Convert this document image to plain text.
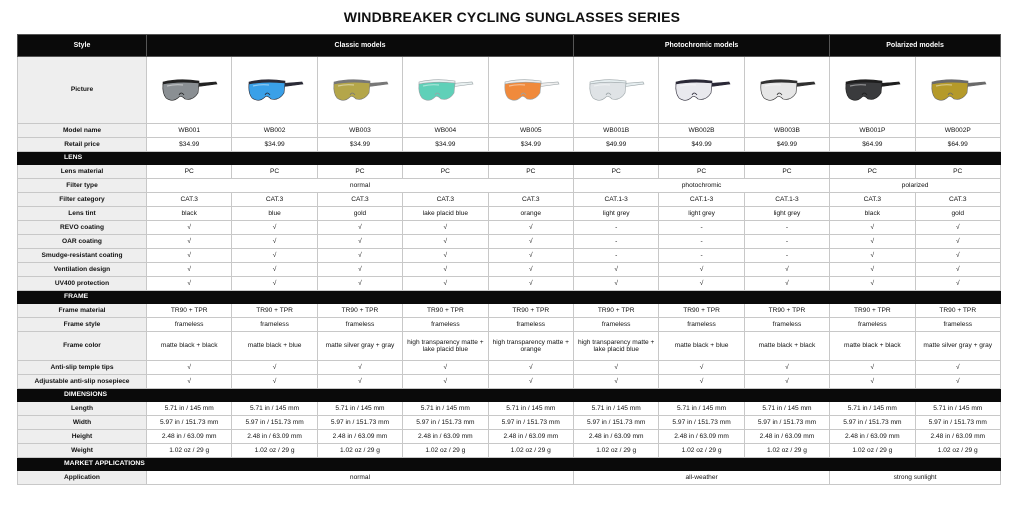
WINDBREAKER CYCLING SUNGLASSES SERIES
Style	Classic models					Photochromic models			Polarized models	
Picture	

Model name	WB001	WB002	WB003	WB004	WB005	WB001B	WB002B	WB003B	WB001P	WB002P
Retail price	$34.99	$34.99	$34.99	$34.99	$34.99	$49.99	$49.99	$49.99	$64.99	$64.99
LENS										
Lens material	PC	PC	PC	PC	PC	PC	PC	PC	PC	PC
Filter type	normal					photochromic			polarized	
Filter category	CAT.3	CAT.3	CAT.3	CAT.3	CAT.3	CAT.1-3	CAT.1-3	CAT.1-3	CAT.3	CAT.3
Lens tint	black	blue	gold	lake placid blue	orange	light grey	light grey	light grey	black	gold
REVO coating	√	√	√	√	√	-	-	-	√	√
OAR coating	√	√	√	√	√	-	-	-	√	√
Smudge-resistant coating	√	√	√	√	√	-	-	-	√	√
Ventilation design	√	√	√	√	√	√	√	√	√	√
UV400 protection	√	√	√	√	√	√	√	√	√	√
FRAME										
Frame material	TR90 + TPR	TR90 + TPR	TR90 + TPR	TR90 + TPR	TR90 + TPR	TR90 + TPR	TR90 + TPR	TR90 + TPR	TR90 + TPR	TR90 + TPR
Frame style	frameless	frameless	frameless	frameless	frameless	frameless	frameless	frameless	frameless	frameless
Frame color	matte black + black	matte black + blue	matte silver gray + gray	high transparency matte + lake placid blue	high transparency matte + orange	high transparency matte + lake placid blue	matte black + blue	matte black + black	matte black + black	matte silver gray + gray
Anti-slip temple tips	√	√	√	√	√	√	√	√	√	√
Adjustable anti-slip nosepiece	√	√	√	√	√	√	√	√	√	√
DIMENSIONS										
Length	5.71 in / 145 mm	5.71 in / 145 mm	5.71 in / 145 mm	5.71 in / 145 mm	5.71 in / 145 mm	5.71 in / 145 mm	5.71 in / 145 mm	5.71 in / 145 mm	5.71 in / 145 mm	5.71 in / 145 mm
Width	5.97 in / 151.73 mm	5.97 in / 151.73 mm	5.97 in / 151.73 mm	5.97 in / 151.73 mm	5.97 in / 151.73 mm	5.97 in / 151.73 mm	5.97 in / 151.73 mm	5.97 in / 151.73 mm	5.97 in / 151.73 mm	5.97 in / 151.73 mm
Height	2.48 in / 63.09 mm	2.48 in / 63.09 mm	2.48 in / 63.09 mm	2.48 in / 63.09 mm	2.48 in / 63.09 mm	2.48 in / 63.09 mm	2.48 in / 63.09 mm	2.48 in / 63.09 mm	2.48 in / 63.09 mm	2.48 in / 63.09 mm
Weight	1.02 oz / 29 g	1.02 oz / 29 g	1.02 oz / 29 g	1.02 oz / 29 g	1.02 oz / 29 g	1.02 oz / 29 g	1.02 oz / 29 g	1.02 oz / 29 g	1.02 oz / 29 g	1.02 oz / 29 g
MARKET APPLICATIONS										
Application	normal					all-weather			strong sunlight	
